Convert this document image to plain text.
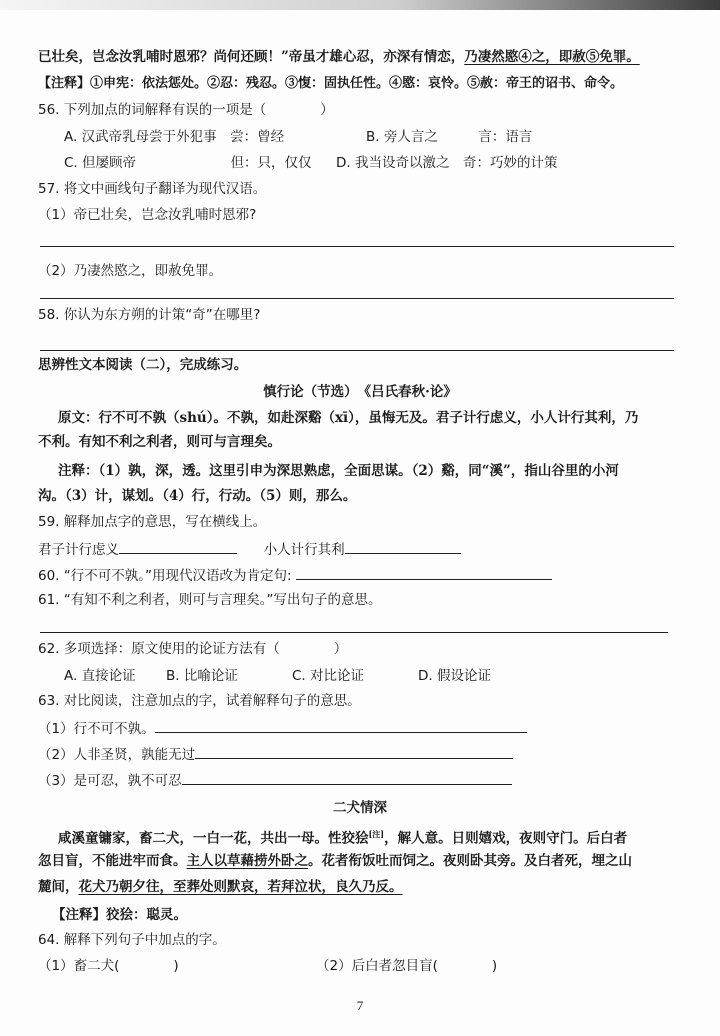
已壮矣，岂念汝乳哺时恩邪？尚何还顾！”帝虽才雄心忍，亦深有情恋，乃凄然愍④之，即赦⑤免罪。
【注释】①申宪：依法惩处。②忍：残忍。③愎：固执任性。④愍：哀怜。⑤赦：帝王的诏书、命令。
56. 下列加点的词解释有误的一项是（　　　　）
A. 汉武帝乳母尝于外犯事　尝：曾经	B. 旁人言之　　　言：语言
C. 但屡顾帝　　　　　　　但：只，仅仅 D. 我当设奇以激之　奇：巧妙的计策
57. 将文中画线句子翻译为现代汉语。
（1）帝已壮矣，岂念汝乳哺时恩邪?
（2）乃凄然愍之，即赦免罪。
58. 你认为东方朔的计策“奇”在哪里?
思辨性文本阅读（二），完成练习。
慎行论（节选）　《吕氏春秋·论》
原文：行不可不孰（shú）。不孰，如赴深谿（xī），虽悔无及。君子计行虑义，小人计行其利，乃
不利。有知不利之利者，则可与言理矣。
注释：（1）孰，深，透。这里引申为深思熟虑，全面思谋。（2）谿，同“溪”，指山谷里的小河
沟。（3）计，谋划。（4）行，行动。（5）则，那么。
59. 解释加点字的意思，写在横线上。
君子计行虑义	小人计行其利
60. “行不可不孰。”用现代汉语改为肯定句:
61. “有知不利之利者，则可与言理矣。”写出句子的意思。
62. 多项选择：原文使用的论证方法有（　　　　）
A. 直接论证 B. 比喻论证	C. 对比论证	D. 假设论证
63. 对比阅读，注意加点的字，试着解释句子的意思。
（1）行不可不孰。
（2）人非圣贤，孰能无过
（3）是可忍，孰不可忍
二犬情深
咸溪童镛家，畜二犬，一白一花，共出一母。性狡狯[注]，解人意。日则嬉戏，夜则守门。后白者
忽目盲，不能进牢而食。主人以草藉捞外卧之。花者衔饭吐而饲之。夜则卧其旁。及白者死，埋之山
麓间，花犬乃朝夕往，至葬处则默哀，若拜泣状，良久乃反。
【注释】狡狯：聪灵。
64. 解释下列句子中加点的字。
（1）畜二犬(　　　　)	（2）后白者忽目盲(　　　　)
7
